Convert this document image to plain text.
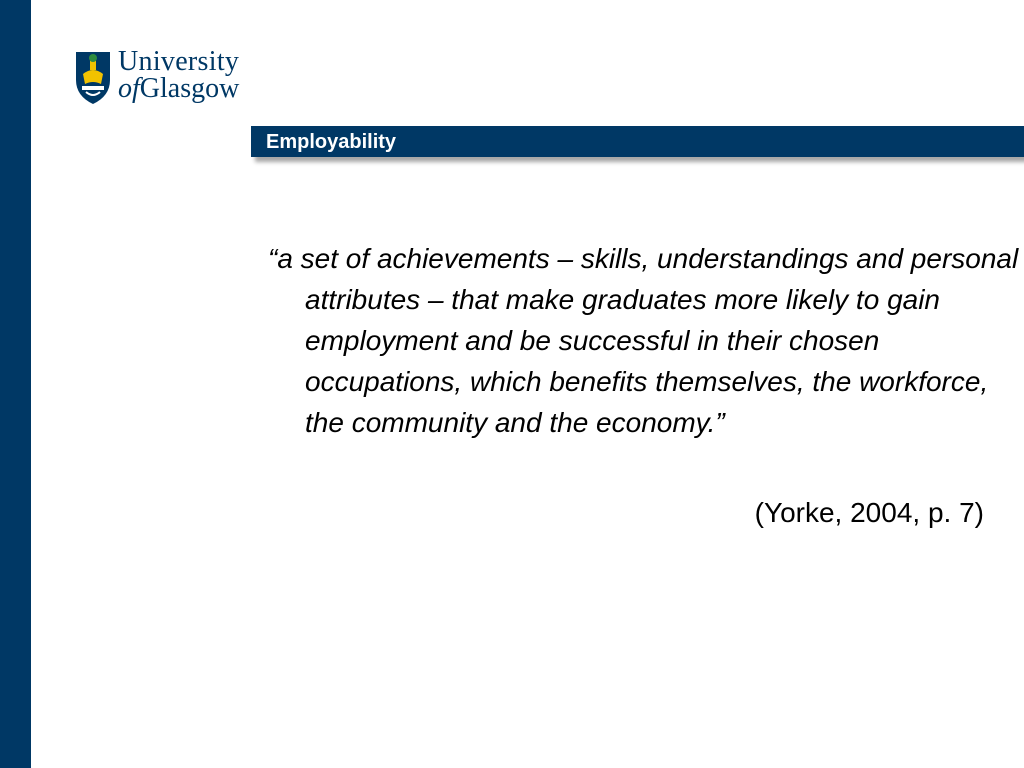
University
ofGlasgow
Employability
“a set of achievements – skills, understandings and personal attributes – that make graduates more likely to gain employment and be successful in their chosen occupations, which benefits themselves, the workforce, the community and the economy.”
(Yorke, 2004, p. 7)
